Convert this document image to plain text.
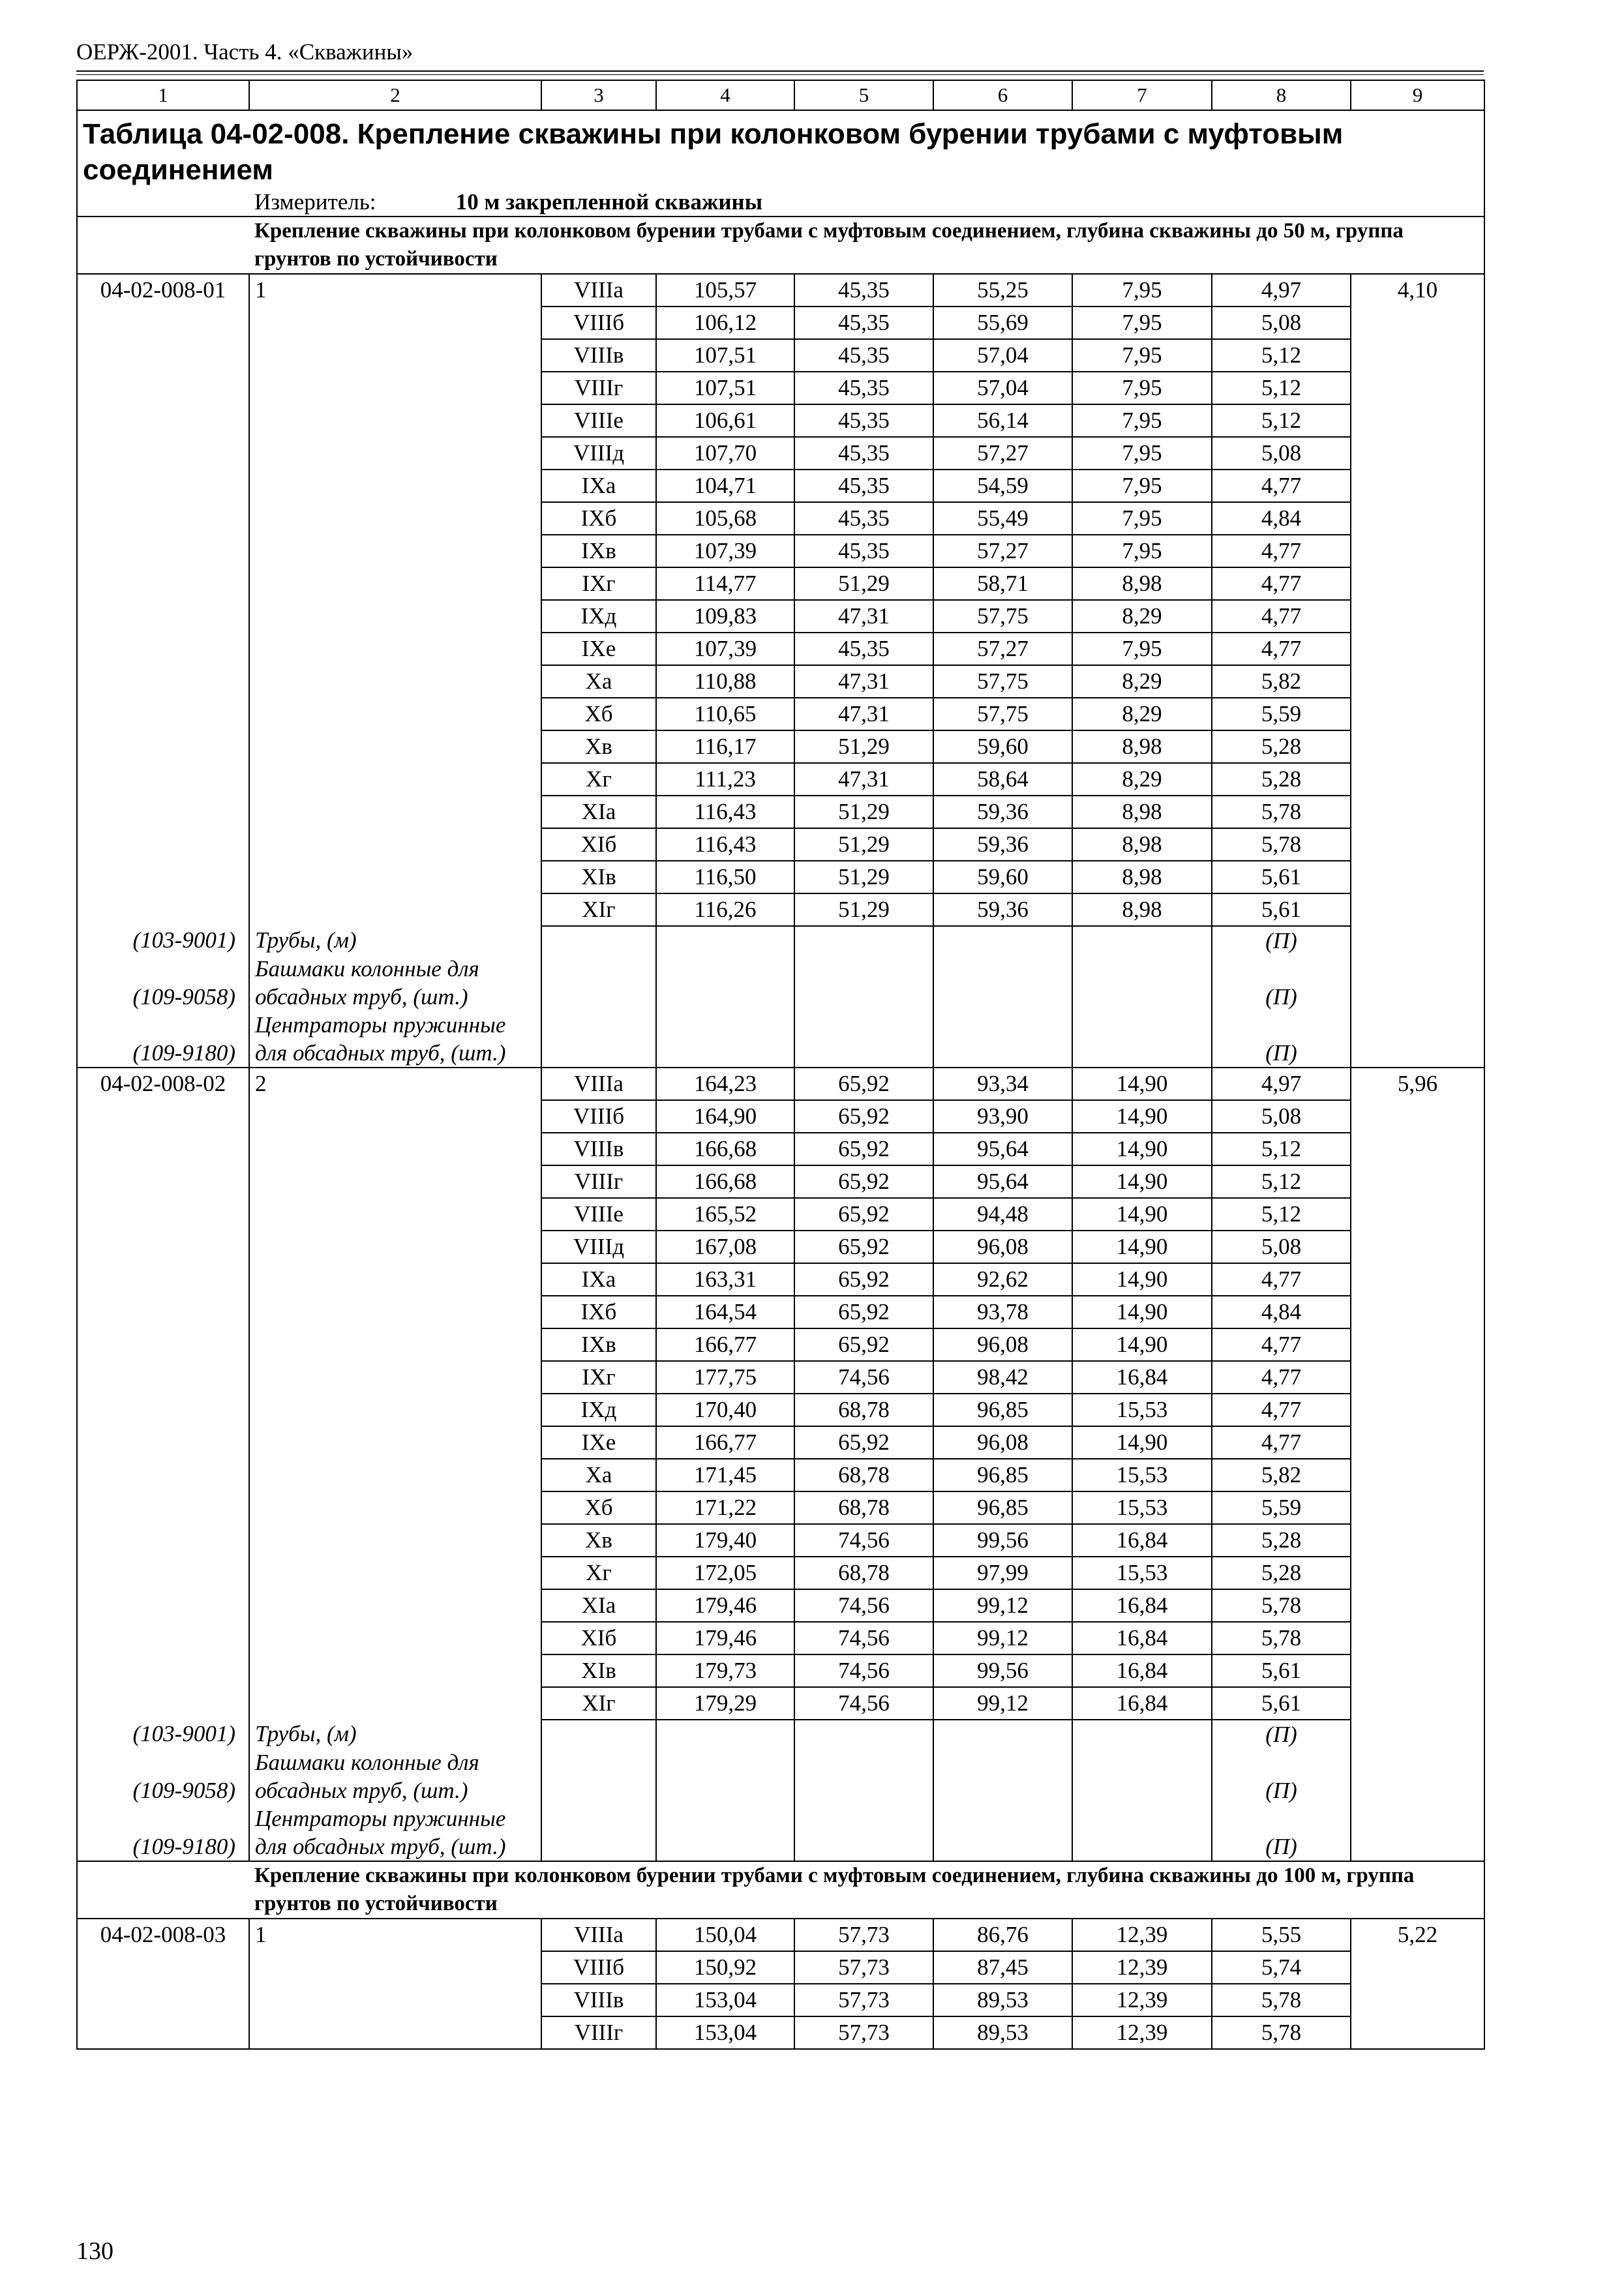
ОЕРЖ-2001. Часть 4. «Скважины»
1	2	3	4	5	6	7	8	9
Таблица 04-02-008. Крепление скважины при колонковом бурении трубами с муфтовым соединением								
	Измеритель: 10 м закрепленной скважины							
	Крепление скважины при колонковом бурении трубами с муфтовым соединением, глубина скважины до 50 м, группа грунтов по устойчивости							
04-02-008-01	1	VIIIа	105,57	45,35	55,25	7,95	4,97	4,10
		VIIIб	106,12	45,35	55,69	7,95	5,08	
		VIIIв	107,51	45,35	57,04	7,95	5,12	
		VIIIг	107,51	45,35	57,04	7,95	5,12	
		VIIIе	106,61	45,35	56,14	7,95	5,12	
		VIIIд	107,70	45,35	57,27	7,95	5,08	
		IXа	104,71	45,35	54,59	7,95	4,77	
		IXб	105,68	45,35	55,49	7,95	4,84	
		IXв	107,39	45,35	57,27	7,95	4,77	
		IXг	114,77	51,29	58,71	8,98	4,77	
		IXд	109,83	47,31	57,75	8,29	4,77	
		IXе	107,39	45,35	57,27	7,95	4,77	
		Xа	110,88	47,31	57,75	8,29	5,82	
		Xб	110,65	47,31	57,75	8,29	5,59	
		Xв	116,17	51,29	59,60	8,98	5,28	
		Xг	111,23	47,31	58,64	8,29	5,28	
		XIа	116,43	51,29	59,36	8,98	5,78	
		XIб	116,43	51,29	59,36	8,98	5,78	
		XIв	116,50	51,29	59,60	8,98	5,61	
		XIг	116,26	51,29	59,36	8,98	5,61	
(103-9001)	Трубы, (м)						(П)	
(109-9058)	Башмаки колонные для обсадных труб, (шт.)						(П)	
(109-9180)	Центраторы пружинные для обсадных труб, (шт.)						(П)	
04-02-008-02	2	VIIIа	164,23	65,92	93,34	14,90	4,97	5,96
		VIIIб	164,90	65,92	93,90	14,90	5,08	
		VIIIв	166,68	65,92	95,64	14,90	5,12	
		VIIIг	166,68	65,92	95,64	14,90	5,12	
		VIIIе	165,52	65,92	94,48	14,90	5,12	
		VIIIд	167,08	65,92	96,08	14,90	5,08	
		IXа	163,31	65,92	92,62	14,90	4,77	
		IXб	164,54	65,92	93,78	14,90	4,84	
		IXв	166,77	65,92	96,08	14,90	4,77	
		IXг	177,75	74,56	98,42	16,84	4,77	
		IXд	170,40	68,78	96,85	15,53	4,77	
		IXе	166,77	65,92	96,08	14,90	4,77	
		Xа	171,45	68,78	96,85	15,53	5,82	
		Xб	171,22	68,78	96,85	15,53	5,59	
		Xв	179,40	74,56	99,56	16,84	5,28	
		Xг	172,05	68,78	97,99	15,53	5,28	
		XIа	179,46	74,56	99,12	16,84	5,78	
		XIб	179,46	74,56	99,12	16,84	5,78	
		XIв	179,73	74,56	99,56	16,84	5,61	
		XIг	179,29	74,56	99,12	16,84	5,61	
(103-9001)	Трубы, (м)						(П)	
(109-9058)	Башмаки колонные для обсадных труб, (шт.)						(П)	
(109-9180)	Центраторы пружинные для обсадных труб, (шт.)						(П)	
	Крепление скважины при колонковом бурении трубами с муфтовым соединением, глубина скважины до 100 м, группа грунтов по устойчивости							
04-02-008-03	1	VIIIа	150,04	57,73	86,76	12,39	5,55	5,22
		VIIIб	150,92	57,73	87,45	12,39	5,74	
		VIIIв	153,04	57,73	89,53	12,39	5,78	
		VIIIг	153,04	57,73	89,53	12,39	5,78	
130
